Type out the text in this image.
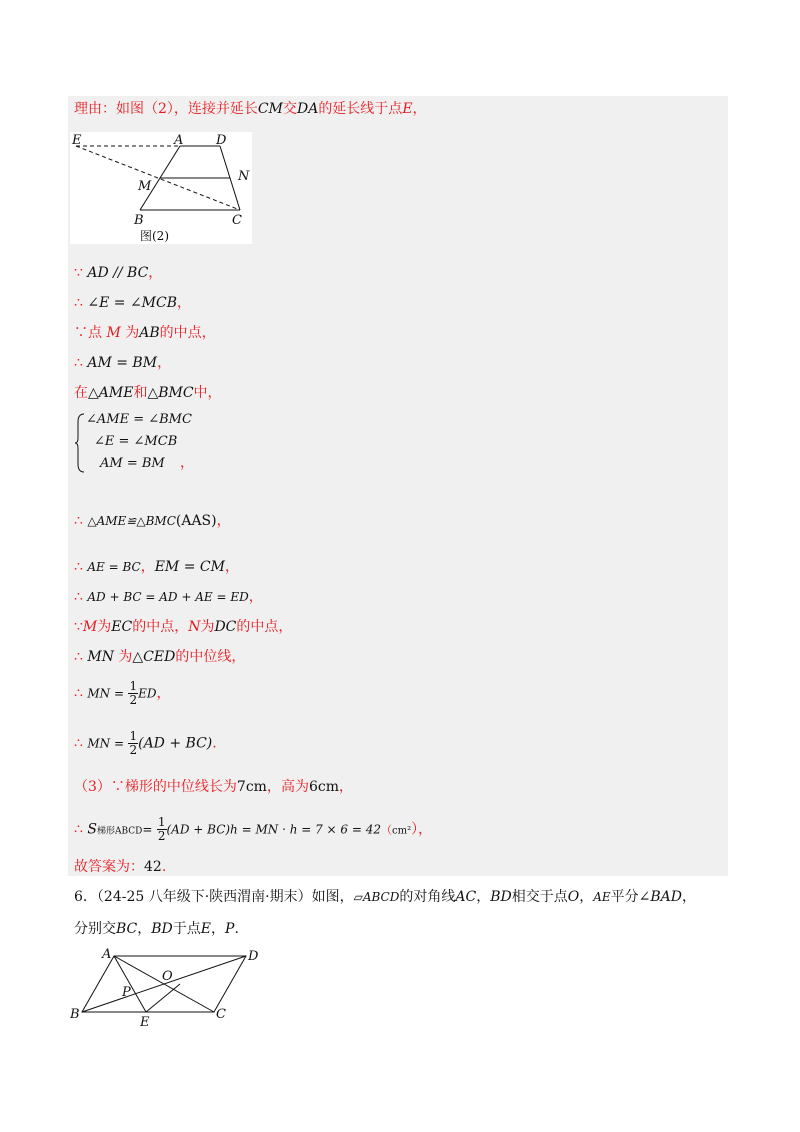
理由：如图（2），连接并延长CM交DA的延长线于点E，
E	A	D
M
N
B	C
图(2)
∵ AD // BC，
∴ ∠E = ∠MCB，
∵点 M 为AB的中点，
∴ AM = BM，
在△AME和△BMC中，
∠AME = ∠BMC
∠E = ∠MCB
AM = BM ，
∴ △AME≌△BMC(AAS)，
∴ AE = BC，EM = CM，
∴ AD + BC = AD + AE = ED，
∵M为EC的中点，N为DC的中点，
∴ MN 为△CED的中位线，
∴ MN = $\frac{1}{2}$ ED，
∴ MN = $\frac{1}{2} (AD + BC)$.
（3）∵梯形的中位线长为7cm，高为6cm，
∴ S梯形ABCD= $\frac{1}{2} (AD + BC)h$ = MN · h = 7 × 6 = 42（cm²），
故答案为：42.
6．（24-25 八年级下·陕西渭南·期末）如图，▱ABCD的对角线AC，BD相交于点O，AE平分∠BAD，
分别交BC，BD于点E，P.
A	D
O
P
B
E
C
